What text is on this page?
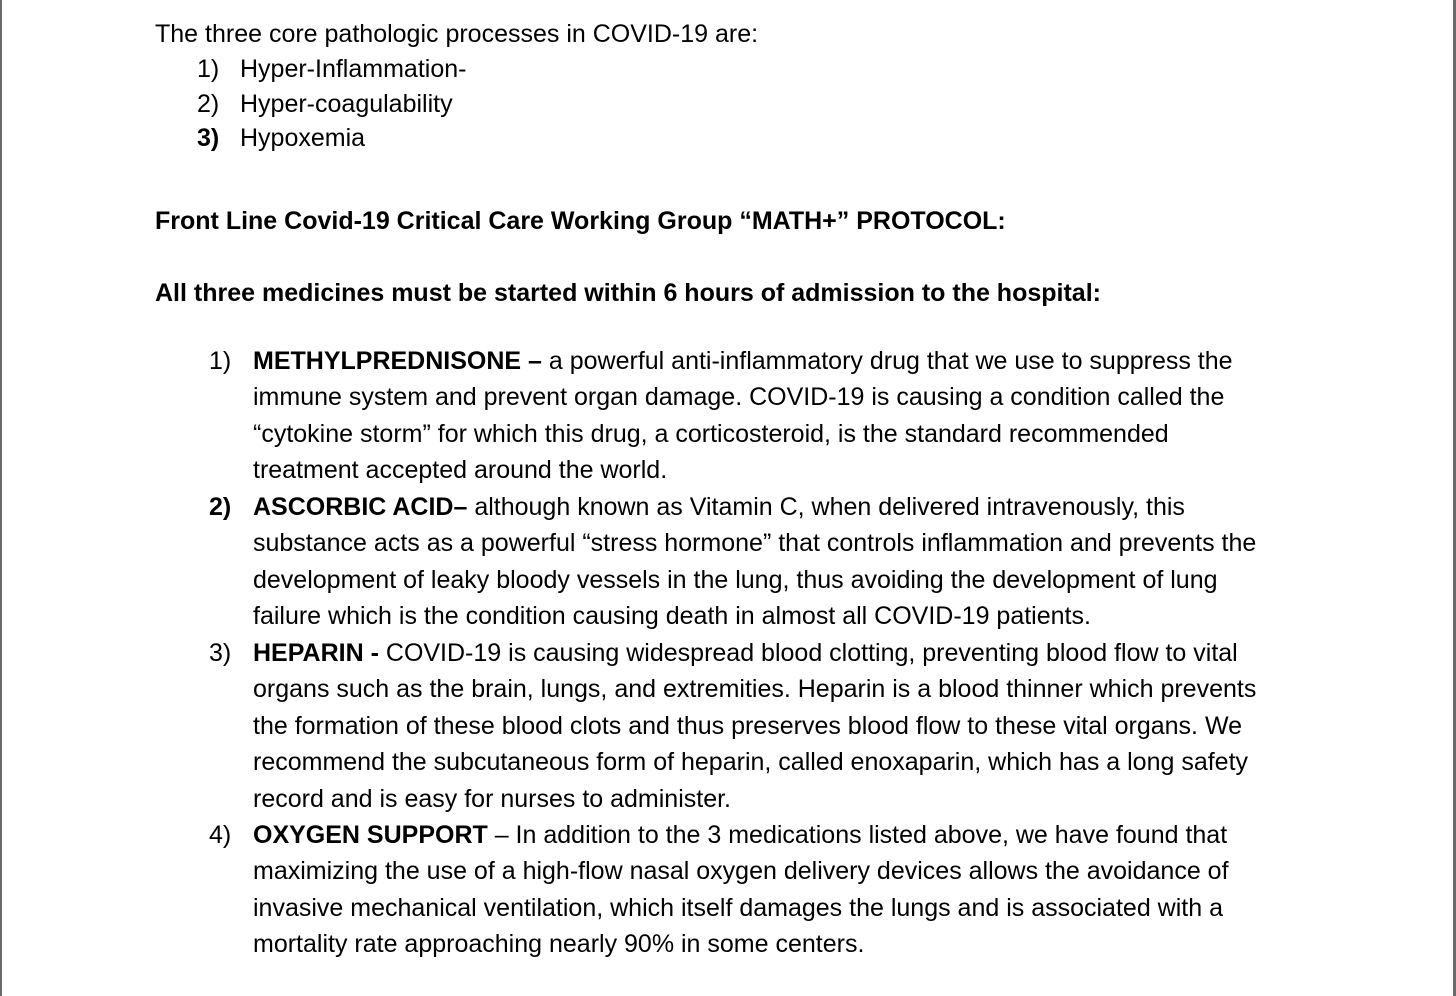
The three core pathologic processes in COVID-19 are:
1) Hyper-Inflammation-
2) Hyper-coagulability
3) Hypoxemia
Front Line Covid-19 Critical Care Working Group “MATH+” PROTOCOL:
All three medicines must be started within 6 hours of admission to the hospital:
1) METHYLPREDNISONE – a powerful anti-inflammatory drug that we use to suppress the
immune system and prevent organ damage. COVID-19 is causing a condition called the
“cytokine storm” for which this drug, a corticosteroid, is the standard recommended
treatment accepted around the world.
2) ASCORBIC ACID– although known as Vitamin C, when delivered intravenously, this
substance acts as a powerful “stress hormone” that controls inflammation and prevents the
development of leaky bloody vessels in the lung, thus avoiding the development of lung
failure which is the condition causing death in almost all COVID-19 patients.
3) HEPARIN - COVID-19 is causing widespread blood clotting, preventing blood flow to vital
organs such as the brain, lungs, and extremities. Heparin is a blood thinner which prevents
the formation of these blood clots and thus preserves blood flow to these vital organs. We
recommend the subcutaneous form of heparin, called enoxaparin, which has a long safety
record and is easy for nurses to administer.
4) OXYGEN SUPPORT – In addition to the 3 medications listed above, we have found that
maximizing the use of a high-flow nasal oxygen delivery devices allows the avoidance of
invasive mechanical ventilation, which itself damages the lungs and is associated with a
mortality rate approaching nearly 90% in some centers.
